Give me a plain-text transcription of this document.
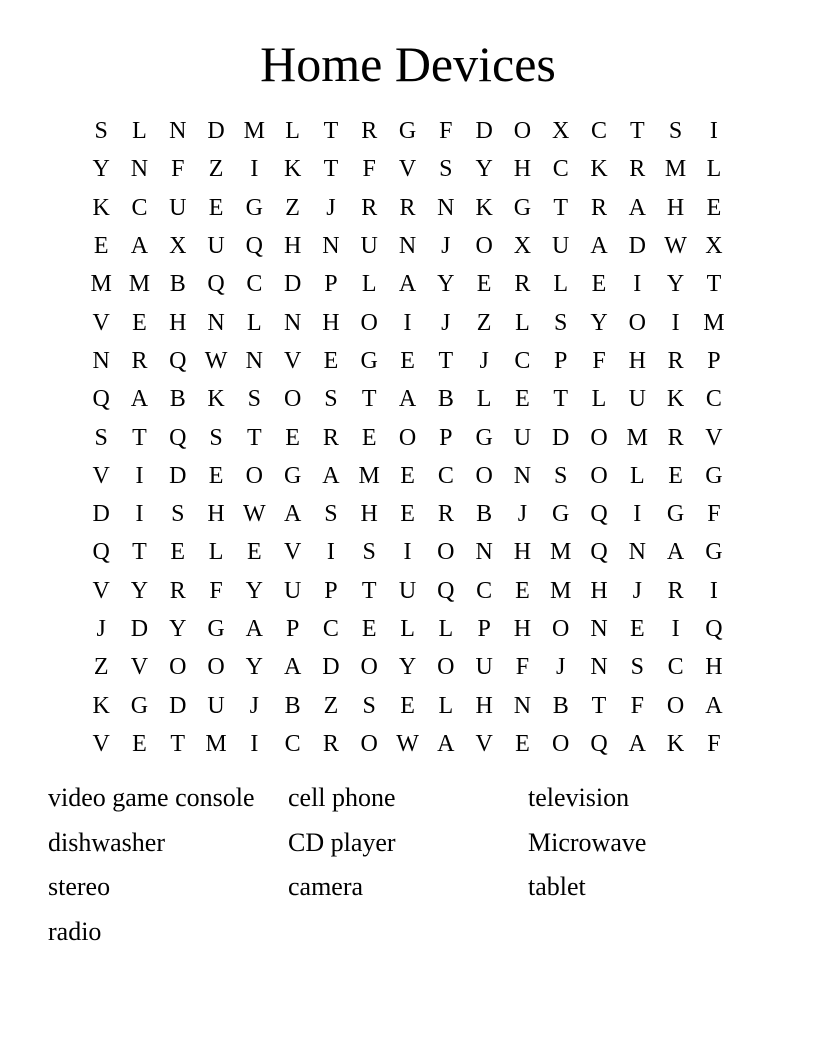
Home Devices
S	L N D M L T R G F D O X C T	S	I
Y N F	Z	I	K T	F V S Y H C K R M L
K C U E G Z	J	R R N K G T R A H E
E A X U Q H N U N	J	O X U A D W X
M M B Q C D P	L A Y E R L E	I	Y T
V E H N L N H O	I	J	Z L	S Y O	I M
N R Q W N V E G E T	J	C P	F H R P
Q A B K S O S	T A B L E T L U K C
S	T Q S	T E R E O P G U D O M R V
V	I	D E O G A M E C O N S O L E G
D	I	S H W A S H E R B	J	G Q	I	G F
Q T E L E V	I	S	I	O N H M Q N A G
V Y R F Y U P	T U Q C E M H	J	R	I
J	D Y G A P C E L L	P H O N E	I	Q
Z V O O Y A D O Y O U F	J	N S C H
K G D U	J	B Z	S	E L H N B T	F O A
V E T M I	C R O W A V E O Q A K F
video game console	cell phone	television
dishwasher	CD player	Microwave
stereo	camera	tablet
radio
